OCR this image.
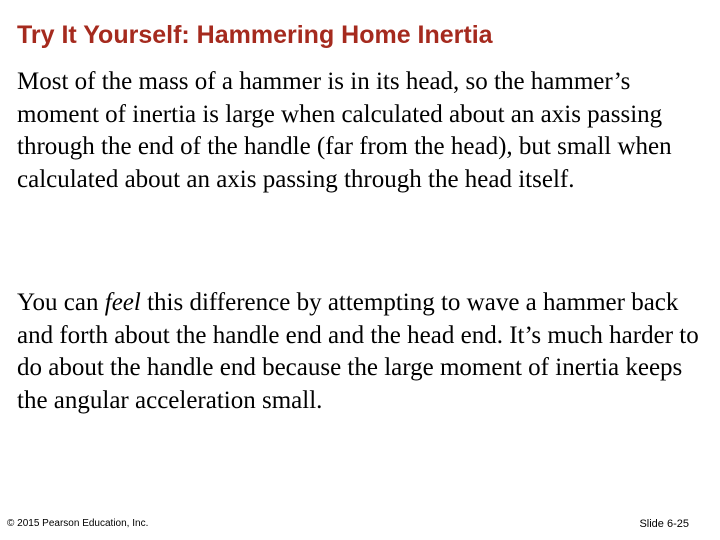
Try It Yourself: Hammering Home Inertia

Most of the mass of a hammer is in its head, so the hammer’s moment of inertia is large when calculated about an axis passing through the end of the handle (far from the head), but small when calculated about an axis passing through the head itself.

You can feel this difference by attempting to wave a hammer back and forth about the handle end and the head end. It’s much harder to do about the handle end because the large moment of inertia keeps the angular acceleration small.

© 2015 Pearson Education, Inc.	Slide 6-25
